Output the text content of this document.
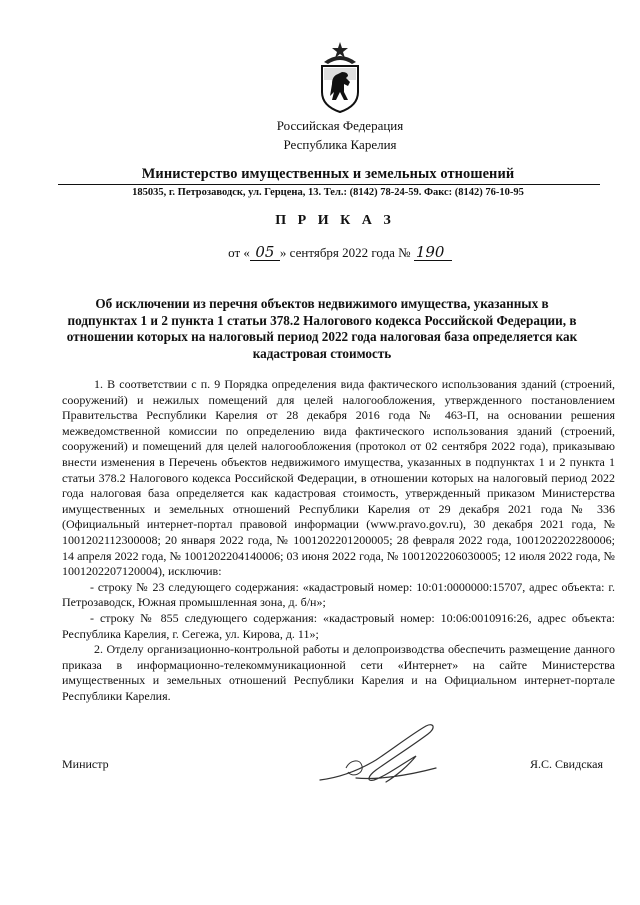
Российская Федерация
Республика Карелия
Министерство имущественных и земельных отношений
185035, г. Петрозаводск, ул. Герцена, 13. Тел.: (8142) 78-24-59. Факс: (8142) 76-10-95
П Р И К А З
от « 05 » сентября 2022 года № 190
Об исключении из перечня объектов недвижимого имущества, указанных в подпунктах 1 и 2 пункта 1 статьи 378.2 Налогового кодекса Российской Федерации, в отношении которых на налоговый период 2022 года налоговая база определяется как кадастровая стоимость

1. В соответствии с п. 9 Порядка определения вида фактического использования зданий (строений, сооружений) и нежилых помещений для целей налогообложения, утвержденного постановлением Правительства Республики Карелия от 28 декабря 2016 года № 463-П, на основании решения межведомственной комиссии по определению вида фактического использования зданий (строений, сооружений) и помещений для целей налогообложения (протокол от 02 сентября 2022 года), приказываю внести изменения в Перечень объектов недвижимого имущества, указанных в подпунктах 1 и 2 пункта 1 статьи 378.2 Налогового кодекса Российской Федерации, в отношении которых на налоговый период 2022 года налоговая база определяется как кадастровая стоимость, утвержденный приказом Министерства имущественных и земельных отношений Республики Карелия от 29 декабря 2021 года № 336 (Официальный интернет-портал правовой информации (www.pravo.gov.ru), 30 декабря 2021 года, № 1001202112300008; 20 января 2022 года, № 1001202201200005; 28 февраля 2022 года, 1001202202280006; 14 апреля 2022 года, № 1001202204140006; 03 июня 2022 года, № 1001202206030005; 12 июля 2022 года, № 1001202207120004), исключив:

- строку № 23 следующего содержания: «кадастровый номер: 10:01:0000000:15707, адрес объекта: г. Петрозаводск, Южная промышленная зона, д. б/н»;

- строку № 855 следующего содержания: «кадастровый номер: 10:06:0010916:26, адрес объекта: Республика Карелия, г. Сегежа, ул. Кирова, д. 11»;

2. Отделу организационно-контрольной работы и делопроизводства обеспечить размещение данного приказа в информационно-телекоммуникационной сети «Интернет» на сайте Министерства имущественных и земельных отношений Республики Карелия и на Официальном интернет-портале Республики Карелия.

Министр	Я.С. Свидская
